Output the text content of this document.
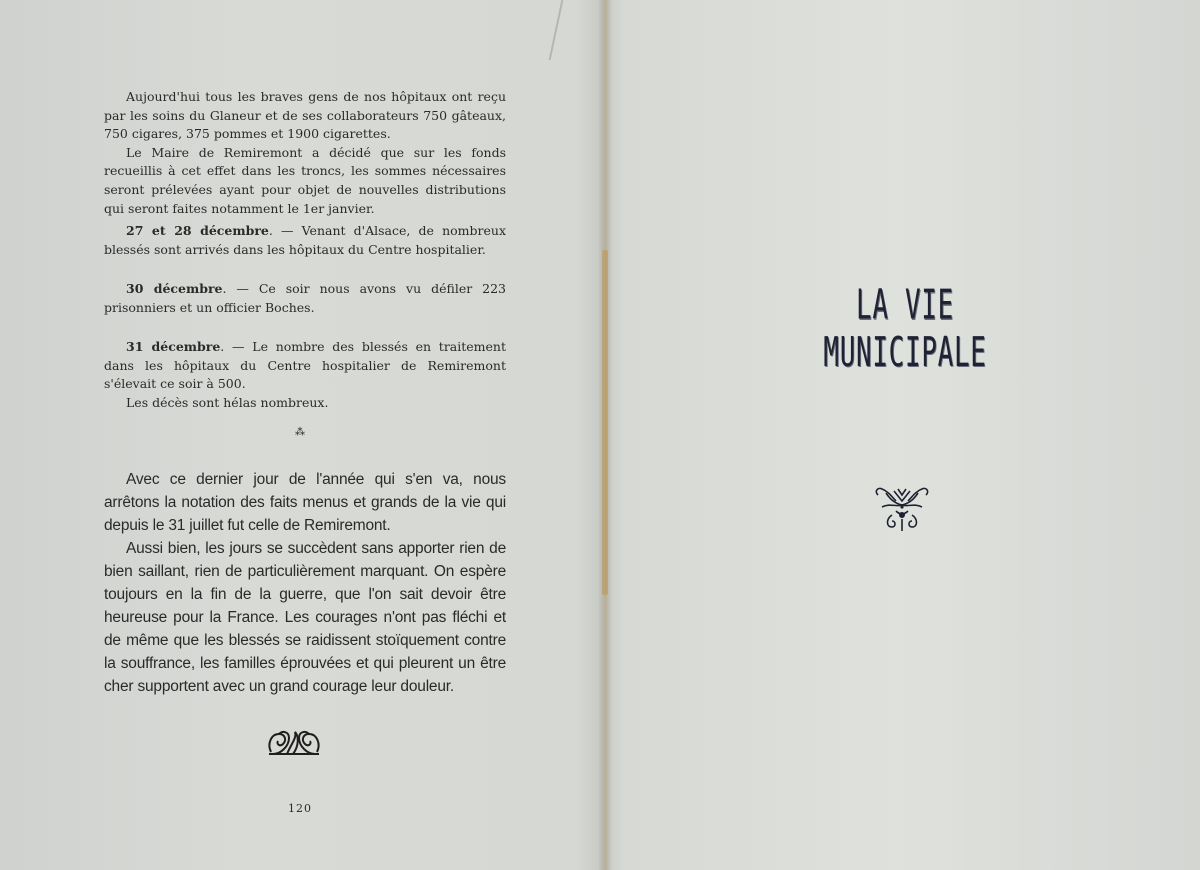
Aujourd'hui tous les braves gens de nos hôpitaux ont reçu par les soins du Glaneur et de ses collaborateurs 750 gâteaux, 750 cigares, 375 pommes et 1900 cigarettes.

Le Maire de Remiremont a décidé que sur les fonds recueillis à cet effet dans les troncs, les sommes nécessaires seront prélevées ayant pour objet de nouvelles distributions qui seront faites notamment le 1er janvier.

27 et 28 décembre. — Venant d'Alsace, de nombreux blessés sont arrivés dans les hôpitaux du Centre hospitalier.

30 décembre. — Ce soir nous avons vu défiler 223 prisonniers et un officier Boches.

31 décembre. — Le nombre des blessés en traitement dans les hôpitaux du Centre hospitalier de Remiremont s'élevait ce soir à 500.

Les décès sont hélas nombreux.

⁂

Avec ce dernier jour de l'année qui s'en va, nous arrêtons la notation des faits menus et grands de la vie qui depuis le 31 juillet fut celle de Remiremont.

Aussi bien, les jours se succèdent sans apporter rien de bien saillant, rien de particulièrement marquant. On espère toujours en la fin de la guerre, que l'on sait devoir être heureuse pour la France. Les courages n'ont pas fléchi et de même que les blessés se raidissent stoïquement contre la souffrance, les familles éprouvées et qui pleurent un être cher supportent avec un grand courage leur douleur.

120
LA VIE MUNICIPALE
